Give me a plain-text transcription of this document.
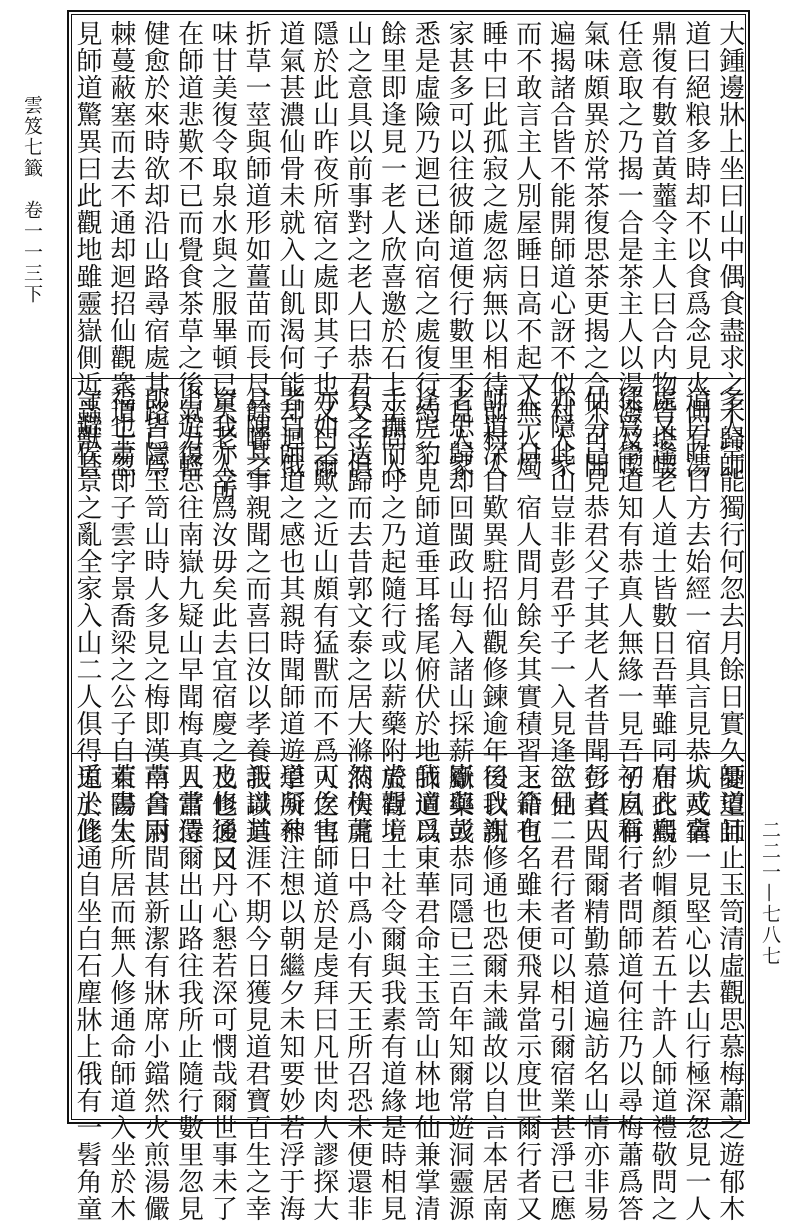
雲笈七籤　卷一一三下
二二一—七八七
大鍾邊牀上坐曰山中偶食盡求之未歸師
道曰絕粮多時却不以食爲念見火側有湯
鼎復有數首黃虀令主人曰合内物皆堪喫
任意取之乃揭一合是茶主人以湯潑及喫
氣味頗異於常茶復思茶更揭之合不可開
遍揭諸合皆不能開師道心訝不似村人家
而不敢言主人別屋睡日高不起又無火燭
睡中曰此孤寂之處忽病無以相待前村人
家甚多可以往彼師道便行數里不見人家
悉是虛險乃迴已迷向宿之處復行約三十
餘里即逢見一老人欣喜邀於石上坐問入
山之意具以前事對之老人曰恭君父子俱
隱於此山昨夜所宿之處即其子也又曰爾
道氣甚濃仙骨未就入山飢渴何能却迴俄
折草一莖與師道形如薑苗而長尺餘嚼之
味甘美復令取泉水與之服畢頓已失老人所
在師道悲歎不已而覺食茶草之後氣力輕
健愈於來時欲却沿山路尋宿處其路已爲
棘蔓蔽塞而去不通却迴招仙觀衆道士忽
見師道驚異曰此觀地雖靈嶽側近蟲獸甚
多人罕能獨行何忽去月餘日實久憂望師
道曰昨日方去始經一宿具言見恭人及宿
處又逢老人道士皆數日吾華雖同居此觀
徒爲學道知有恭真人無緣一見吾子夙有
仙分已見恭君父子其老人者昔聞彭真人
亦隱此山豈非彭君乎子一入見逢三仙
人一日一宿人間月餘矣其實積習之命也
師道深自歎異駐招仙觀修鍊逾年後以親
老思歸却回閩政山每入諸山採薪斸藥或
逢虎豹見師道垂耳搖尾俯伏於地師道以
手撫而呼之乃起隨行或以薪藥附於背上
負之送歸而去昔郭文泰之居大滌洞伏虎
亦如之歟之近山頗有猛獸而不爲人之害
者自師道之感也其親時聞師道遊學所叅
具陳其事親聞之而喜曰汝以孝養我以道
資我亦幸爲汝毋矣此去宜宿慶之及也後又
出遊復思往南嶽九疑山早聞梅真人蕭侍
郎皆隱玉笥山時人多見之梅即漢南昌尉
福也蕭即子雲字景喬梁之公子自東陽太
守避侯景之亂全家入山二人俱得道於此
師道且止玉笥清虛觀思慕梅蕭之遊郁木
坑或冀一見堅心以去山行極深忽見一人
布衣烏紗帽顏若五十許人師道禮敬問之
初自稱行者問師道何往乃以尋梅蕭爲答
行者曰聞爾精勤慕道遍訪名山情亦非易
欲見二君行者可以相引爾宿業甚淨已應
玉籍有名雖未便飛昇當示度世爾行者又
曰我謝修通也恐爾未識故以自言本居南
嶽與彭恭同隱已三百年知爾常遊洞靈源
我適爲東華君命主玉笥山林地仙兼掌清
虛觀境土社令爾與我素有道緣是時相見
然梅蕭日中爲小有天王所召恐未便還非
可俟也師道於是虔拜曰凡世肉人謬探大
道凝神注想以朝繼夕未知要妙若浮于海
詎識其涯不期今日獲見道君寶百生之幸
也修通曰丹心懇若深可憫哉爾世事未了
且當還爾出山路往我所止隨行數里忽見
草舍兩間甚新潔有牀席小鐺然火煎湯儼
若書生所居而無人修通命師道入坐於木
兎上修通自坐白石塵牀上俄有一髫角童
